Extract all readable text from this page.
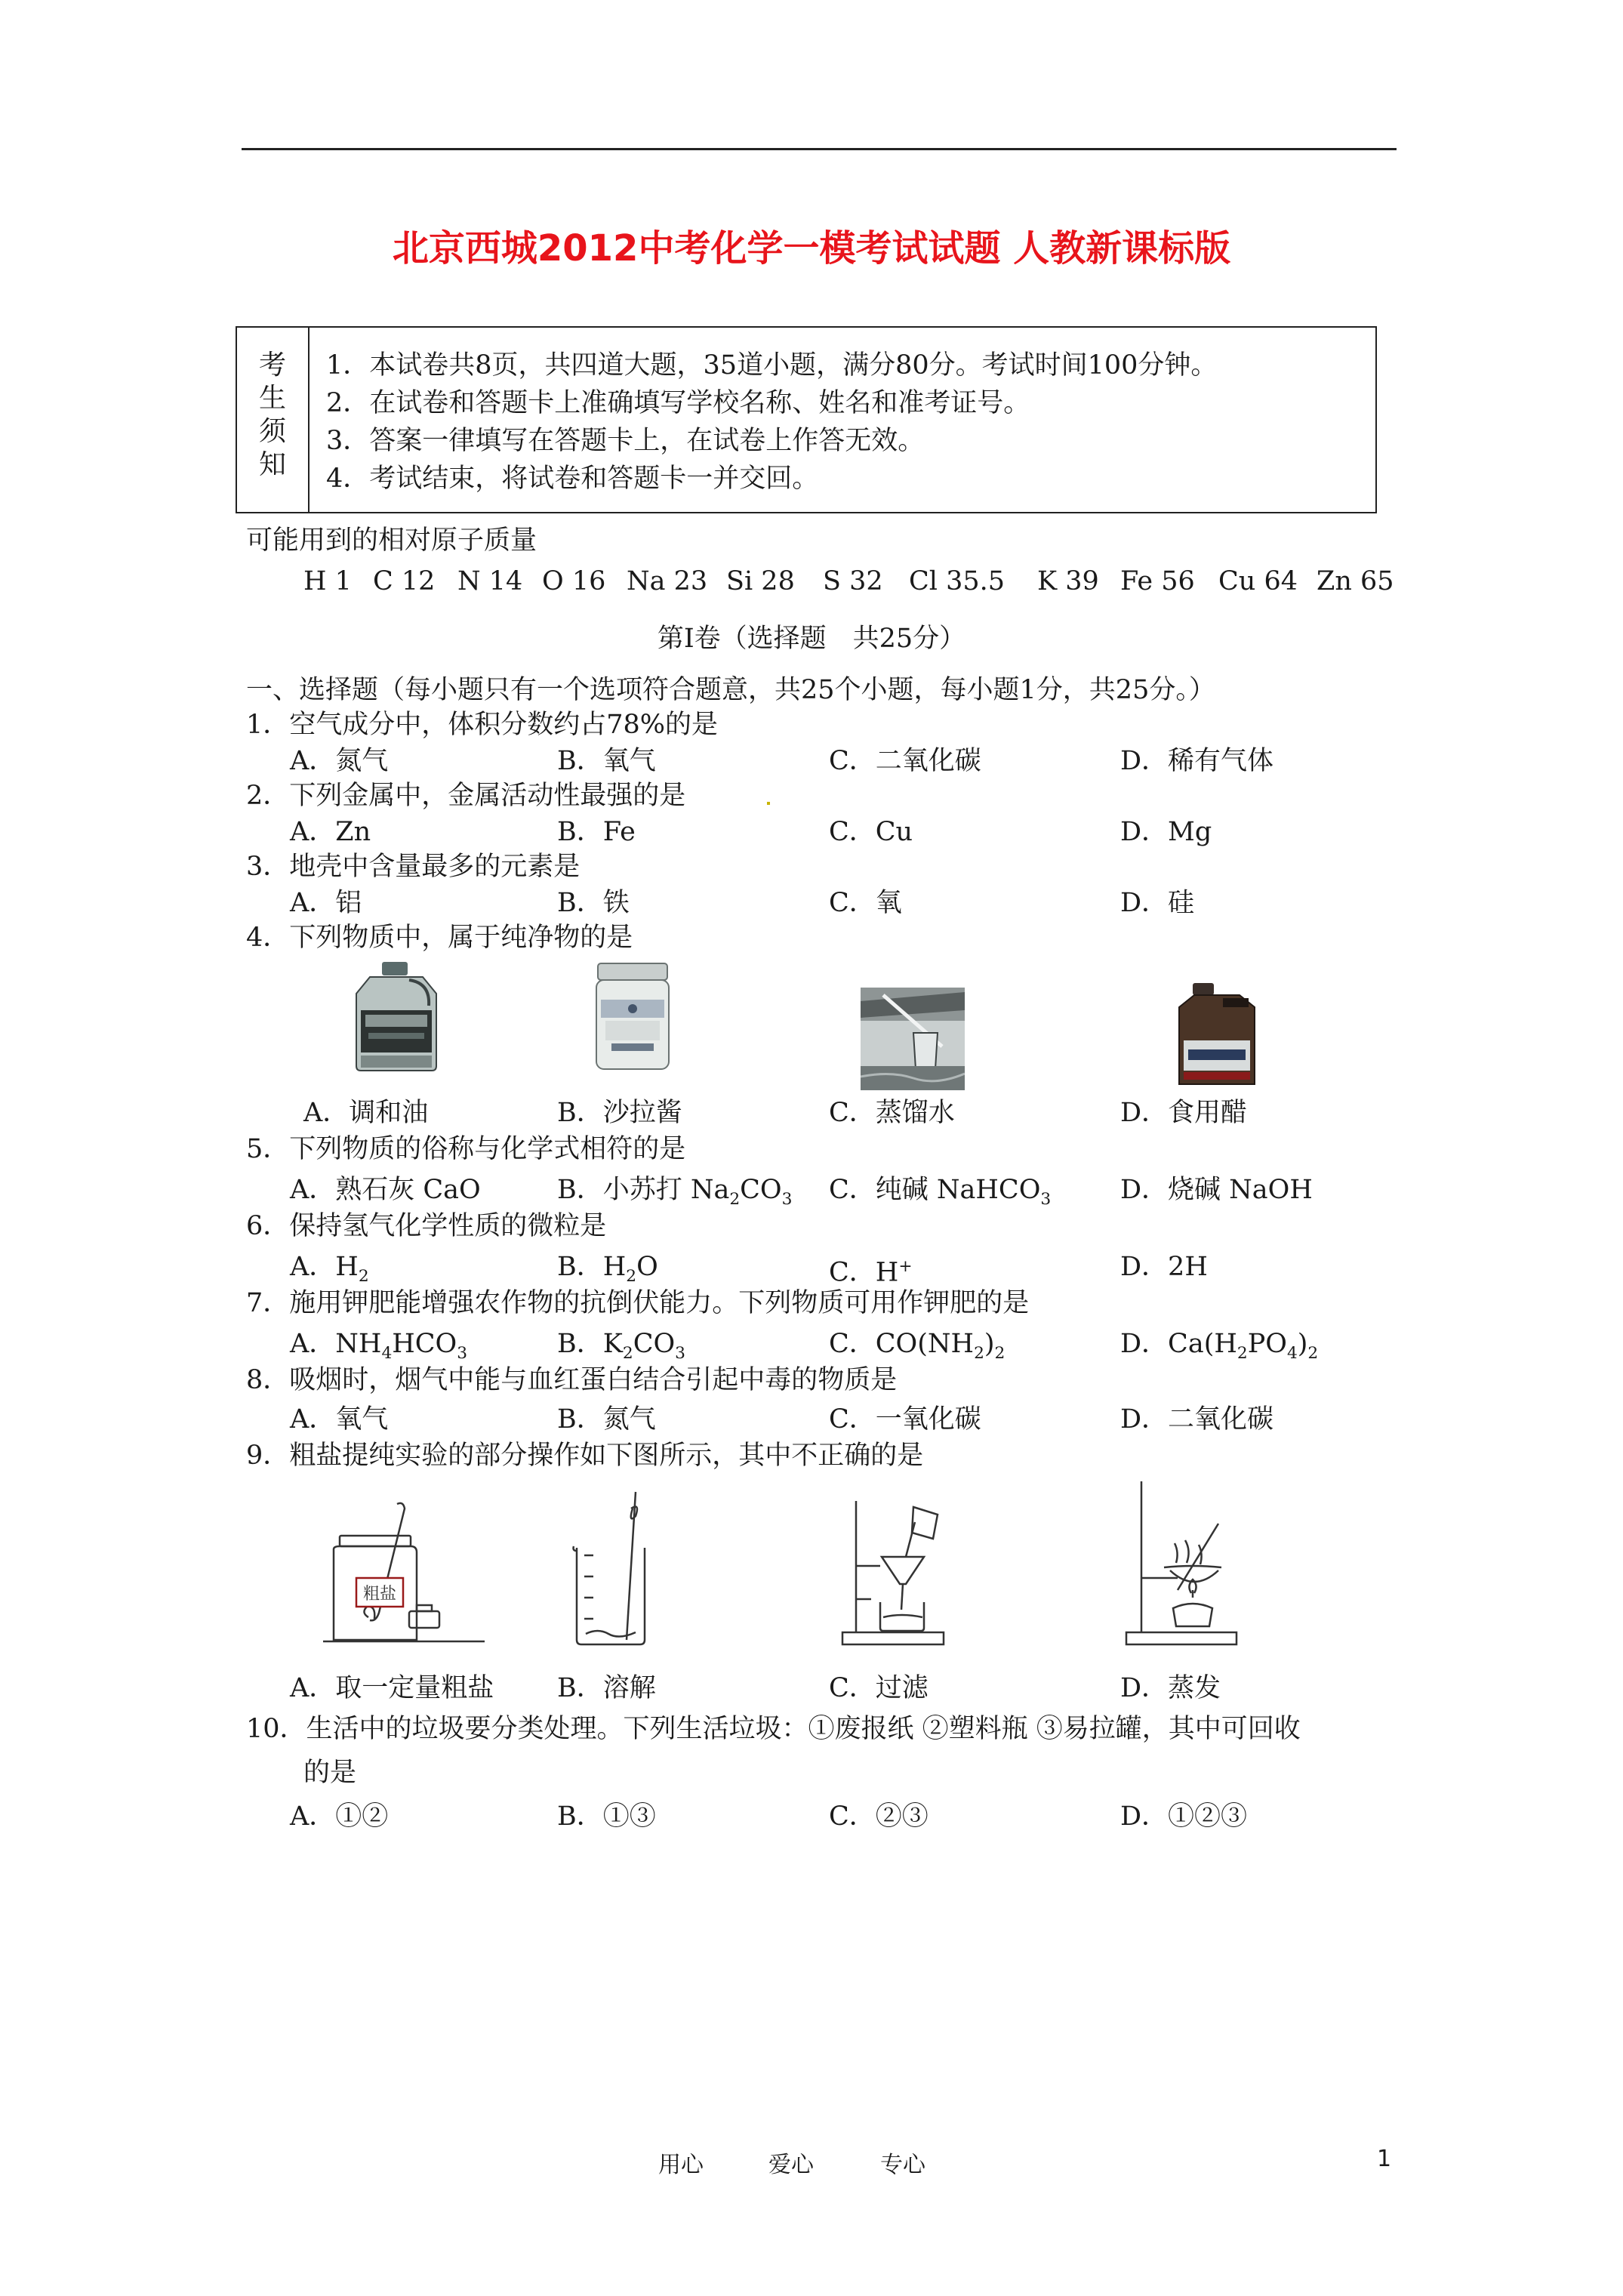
北京西城2012中考化学一模考试试题 人教新课标版
考
生
须
知
1．本试卷共8页，共四道大题，35道小题，满分80分。考试时间100分钟。
2．在试卷和答题卡上准确填写学校名称、姓名和准考证号。
3．答案一律填写在答题卡上，在试卷上作答无效。
4．考试结束，将试卷和答题卡一并交回。
可能用到的相对原子质量
H 1 C 12 N 14 O 16 Na 23 Si 28 S 32 Cl 35.5 K 39 Fe 56 Cu 64 Zn 65
第Ⅰ卷（选择题　共25分）
一、选择题（每小题只有一个选项符合题意，共25个小题，每小题1分，共25分。）
1．空气成分中，体积分数约占78%的是
A．氮气	B．氧气	C．二氧化碳	D．稀有气体
2．下列金属中，金属活动性最强的是
A．Zn	B．Fe	C．Cu	D．Mg
3．地壳中含量最多的元素是
A．铝	B．铁	C．氧	D．硅
4．下列物质中，属于纯净物的是
A．调和油	B．沙拉酱	C．蒸馏水	D．食用醋
5．下列物质的俗称与化学式相符的是
A．熟石灰 CaO	B．小苏打 $Na_2CO_3$ C．纯碱 NaHCO$_3$	D．烧碱 NaOH
6．保持氢气化学性质的微粒是
A．$H_2$	B．$H_2O$	C．H+	D．2H
7．施用钾肥能增强农作物的抗倒伏能力。下列物质可用作钾肥的是
A．$NH_4HCO_3$	B．$K_2CO_3$	C．$CO(NH_2)_2$	D．$Ca(H_2PO_4)_2$
8．吸烟时，烟气中能与血红蛋白结合引起中毒的物质是
A．氧气	B．氮气	C．一氧化碳	D．二氧化碳
9．粗盐提纯实验的部分操作如下图所示，其中不正确的是
粗盐
A．取一定量粗盐 B．溶解	C．过滤	D．蒸发
10．生活中的垃圾要分类处理。下列生活垃圾：①废报纸 ②塑料瓶 ③易拉罐，其中可回收
的是
A．①②	B．①③	C．②③	D．①②③
用心	爱心	专心	1
